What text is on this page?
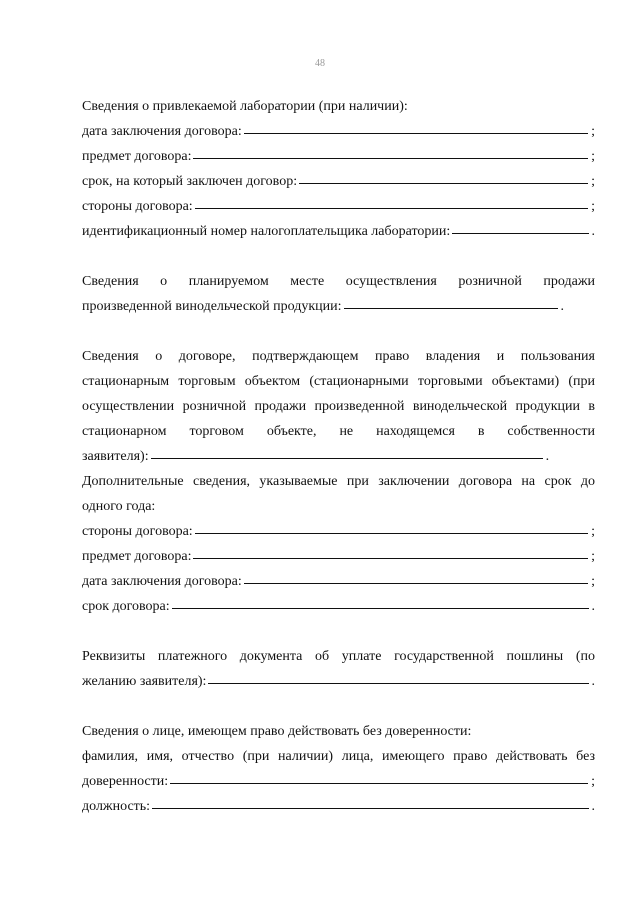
48
Сведения о привлекаемой лаборатории (при наличии):
дата заключения договора:	;
предмет договора:	;
срок, на который заключен договор:	;
стороны договора:	;
идентификационный номер налогоплательщика лаборатории:	.
Сведения о планируемом месте осуществления розничной продажи
произведенной винодельческой продукции:	.
Сведения о договоре, подтверждающем право владения и пользования
стационарным торговым объектом (стационарными торговыми объектами) (при
осуществлении розничной продажи произведенной винодельческой продукции в
стационарном торговом объекте, не находящемся в собственности
заявителя):	.
Дополнительные сведения, указываемые при заключении договора на срок до
одного года:
стороны договора:	;
предмет договора:	;
дата заключения договора:	;
срок договора:	.
Реквизиты платежного документа об уплате государственной пошлины (по
желанию заявителя):	.
Сведения о лице, имеющем право действовать без доверенности:
фамилия, имя, отчество (при наличии) лица, имеющего право действовать без
доверенности:	;
должность:	.
